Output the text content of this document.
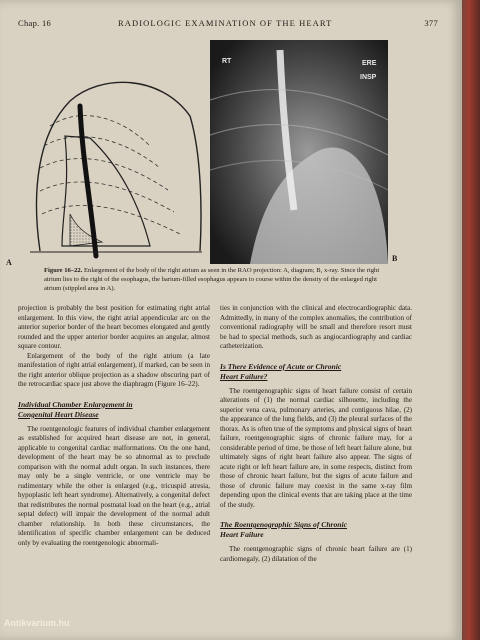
Chap. 16	RADIOLOGIC EXAMINATION OF THE HEART	377
A
RT	ERE
INSP
B
Figure 16–22. Enlargement of the body of the right atrium as seen in the RAO projection: A, diagram; B, x-ray. Since the right atrium lies to the right of the esophagus, the barium-filled esophagus appears to course within the density of the enlarged right atrium (stippled area in A).

projection is probably the best position for estimating right atrial enlargement. In this view, the right atrial appendicular arc on the anterior superior border of the heart becomes elongated and gently rounded and the upper anterior border acquires an angular, almost square contour.

Enlargement of the body of the right atrium (a late manifestation of right atrial enlargement), if marked, can be seen in the right anterior oblique projection as a shadow obscuring part of the retrocardiac space just above the diaphragm (Figure 16–22).

Individual Chamber Enlargement in
Congenital Heart Disease

The roentgenologic features of individual chamber enlargement as established for acquired heart disease are not, in general, applicable to congenital cardiac malformations. On the one hand, development of the heart may be so abnormal as to preclude comparison with the normal adult organ. In such instances, there may only be a single ventricle, or one ventricle may be rudimentary while the other is enlarged (e.g., tricuspid atresia, hypoplastic left heart syndrome). Alternatively, a congenital defect that redistributes the normal postnatal load on the heart (e.g., atrial septal defect) will impair the development of the normal adult chamber relationship. In both these circumstances, the identification of specific chamber enlargement can be deduced only by evaluating the roentgenologic abnormali-

ties in conjunction with the clinical and electrocardiographic data. Admittedly, in many of the complex anomalies, the contribution of conventional radiography will be small and therefore resort must be had to special methods, such as angiocardiography and cardiac catheterization.

Is There Evidence of Acute or Chronic
Heart Failure?

The roentgenographic signs of heart failure consist of certain alterations of (1) the normal cardiac silhouette, including the superior vena cava, pulmonary arteries, and contiguous hilae, (2) the appearance of the lung fields, and (3) the pleural surfaces of the thorax. As is often true of the symptoms and physical signs of heart failure, roentgenographic signs of chronic failure may, for a considerable period of time, be those of left heart failure alone, but ultimately signs of right heart failure also appear. The signs of acute right or left heart failure are, in some respects, distinct from those of chronic heart failure, but the signs of acute failure and those of chronic failure may coexist in the same x-ray film depending upon the clinical events that are taking place at the time of the study.

The Roentgenographic Signs of Chronic
Heart Failure

The roentgenographic signs of chronic heart failure are (1) cardiomegaly, (2) dilatation of the

Antikvarium.hu
